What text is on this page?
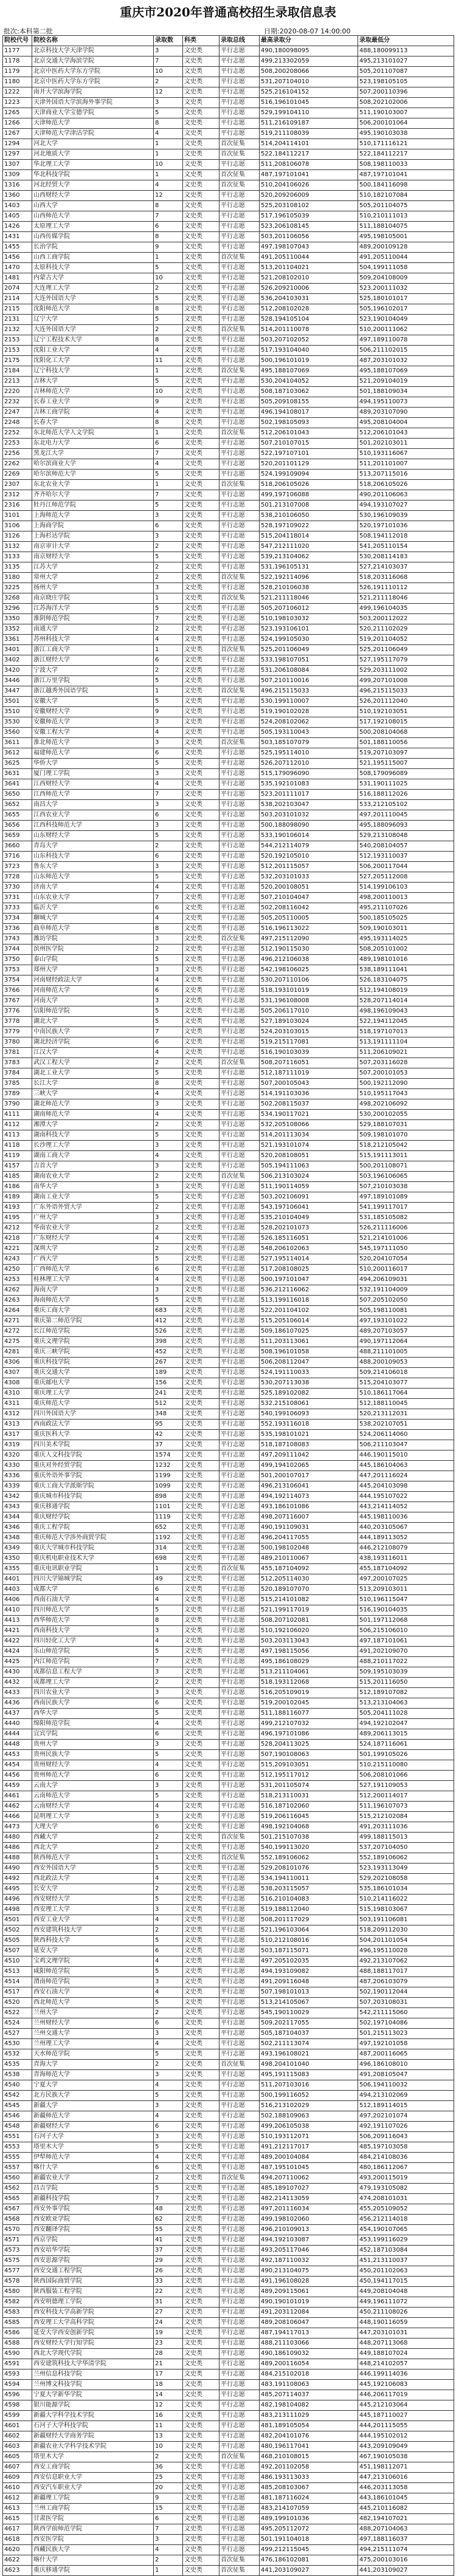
重庆市2020年普通高校招生录取信息表
批次:本科第二批	日期:2020-08-07 14:00:00
院校代号	院校名称	录取数	科类	录取总线	最高录取分	录取最低分
1177	北京科技大学天津学院	3	文史类	平行志愿	490,180098095	488,180099113
1178	北京交通大学海滨学院	7	文史类	平行志愿	499,213302059	495,213101027
1179	北京中医药大学东方学院	10	文史类	平行志愿	508,200208066	505,201107087
1180	北京中医药大学东方学院	2	文史类	平行志愿	531,207104010	523,198105105
1222	南开大学滨海学院	12	文史类	平行志愿	525,216104152	507,200110396
1223	天津外国语大学滨海外事学院	3	文史类	平行志愿	516,196101045	508,202102006
1265	天津商业大学宝德学院	5	文史类	平行志愿	529,199104110	511,190103007
1266	天津师范大学	8	文史类	平行志愿	511,216109187	506,200101064
1267	天津师范大学津沽学院	4	文史类	平行志愿	519,211108039	495,190103038
1294	河北大学	1	文史类	首次征集	514,204114101	510,171116121
1297	河北地质大学	1	文史类	首次征集	522,184112217	522,184112217
1307	华北理工大学	10	文史类	平行志愿	511,208106078	508,198110033
1309	华北科技学院	1	文史类	首次征集	487,197101041	487,197101041
1316	河北经贸大学	4	文史类	首次征集	510,204106026	500,184116098
1360	山西财经大学	12	文史类	平行志愿	520,209206009	510,182107084
1403	山西大学	8	文史类	平行志愿	525,203108102	505,201104075
1405	山西师范大学	7	文史类	平行志愿	517,196105039	510,210111013
1426	太原理工大学	6	文史类	平行志愿	523,206108145	511,188104075
1431	山西传媒学院	8	文史类	平行志愿	503,201106056	495,198105001
1455	长治学院	9	文史类	平行志愿	497,198107043	489,200109128
1456	山西工商学院	1	文史类	首次征集	491,205110044	491,205110044
1470	太原科技大学	5	文史类	平行志愿	513,201104021	504,199111058
1481	内蒙古大学	10	文史类	平行志愿	521,208102010	509,204108009
2074	大连理工大学	2	文史类	平行志愿	526,209210006	523,200111032
2114	大连外国语大学	5	文史类	平行志愿	536,204103031	525,180101017
2115	沈阳师范大学	8	文史类	平行志愿	512,208102028	505,196102017
2131	辽宁大学	5	文史类	平行志愿	528,194105104	523,190104049
2132	大连外国语大学	2	文史类	首次征集	514,201110078	510,200111062
2153	辽宁工程技术大学	8	文史类	平行志愿	503,207102052	497,189110078
2153	沈阳工业大学	4	文史类	平行志愿	517,193104040	506,211102015
2175	沈阳化工大学	11	文史类	平行志愿	500,196101019	487,203101032
2184	辽宁科技大学	1	文史类	首次征集	495,188107069	495,188107069
2213	吉林大学	5	文史类	平行志愿	530,204104052	521,209104019
2220	吉林师范大学	10	文史类	平行志愿	508,187103062	501,188109034
2232	长春工业大学	9	文史类	平行志愿	505,209108155	494,195110073
2247	吉林工商学院	4	文史类	平行志愿	496,194108017	489,203107090
2248	长春大学	8	文史类	平行志愿	502,198105093	495,208104004
2252	东北师范大学人文学院	1	文史类	首次征集	512,206101043	512,206101043
2253	东北电力大学	6	文史类	平行志愿	507,210107015	501,202103011
2256	黑龙江大学	7	文史类	平行志愿	522,197107101	510,193116067
2262	哈尔滨商业大学	4	文史类	平行志愿	520,201101129	511,201101007
2269	哈尔滨师范大学	5	文史类	平行志愿	524,199109094	513,207115016
2307	东北农业大学	1	文史类	首次征集	518,206105026	518,206105026
2312	齐齐哈尔大学	7	文史类	平行志愿	499,197106088	490,201106063
2316	牡丹江师范学院	5	文史类	平行志愿	501,213107008	494,193107027
3101	上海师范大学	3	文史类	平行志愿	538,210106050	530,196109039
3106	上海商学院	6	文史类	平行志愿	528,197109022	520,197101036
3126	上海杉达学院	3	文史类	平行志愿	515,204118014	508,194112018
3132	南京审计大学	2	文史类	平行志愿	547,212111020	541,205110154
3133	南京财经大学	5	文史类	平行志愿	539,213104062	530,208114183
3135	江苏大学	2	文史类	平行志愿	531,196105131	527,214103037
3180	常州大学	2	文史类	首次征集	522,192114096	518,203116068
3225	扬州大学	3	文史类	平行志愿	528,210106038	526,191110112
3268	南京晓庄学院	1	文史类	首次征集	521,211118046	521,211118046
3296	江苏海洋大学	5	文史类	平行志愿	505,207106012	499,196104035
3350	淮阴师范学院	7	文史类	平行志愿	510,198103032	503,200112022
3352	南通大学	2	文史类	平行志愿	523,193106101	520,211102029
3361	苏州科技大学	4	文史类	平行志愿	524,199105030	519,201104052
3401	浙江工商大学	1	文史类	首次征集	525,201106049	525,201106049
3402	浙江财经大学	6	文史类	平行志愿	533,198107051	527,195117079
3420	宁波大学	2	文史类	平行志愿	531,206108084	529,203111002
3446	浙江万里学院	5	文史类	平行志愿	507,210110016	499,207101008
3447	浙江越秀外国语学院	1	文史类	首次征集	496,215115033	496,215115033
3501	安徽大学	5	文史类	平行志愿	530,199110007	526,201112040
3510	安徽财经大学	9	文史类	平行志愿	519,190102028	510,192103051
3530	安徽师范大学	3	文史类	平行志愿	524,208102062	517,192108015
3560	安徽工程大学	4	文史类	平行志愿	505,193110043	500,208104068
3611	淮北师范大学	3	文史类	首次征集	503,185107079	501,188110056
3612	福建师范大学	6	文史类	平行志愿	525,195114010	519,207103097
3625	华侨大学	5	文史类	平行志愿	526,207112010	521,195115007
3631	厦门理工学院	3	文史类	平行志愿	515,179096090	508,179096089
3641	江西财经大学	4	文史类	平行志愿	535,192101083	531,190111025
3650	江西师范大学	7	文史类	平行志愿	523,201111017	516,188112026
3652	南昌大学	3	文史类	平行志愿	538,202103047	533,212105102
3655	江西农业大学	6	文史类	平行志愿	503,203101032	497,201110045
3656	江西科技师范大学	3	文史类	平行志愿	500,188098090	495,188096093
3659	山东财经大学	5	文史类	平行志愿	533,190106014	529,213108048
3660	青岛大学	2	文史类	平行志愿	544,212114079	540,208104057
3716	山东科技大学	6	文史类	平行志愿	520,192105010	512,193110037
3723	鲁东大学	3	文史类	平行志愿	512,201115057	506,200117044
3728	山东师范大学	5	文史类	平行志愿	532,203101033	527,205112008
3730	济南大学	4	文史类	平行志愿	520,200108051	514,199106103
3731	山东农业大学	7	文史类	平行志愿	507,210104047	498,200110013
3733	临沂大学	6	文史类	平行志愿	502,208116042	495,211107026
3734	聊城大学	4	文史类	平行志愿	505,205110005	500,185105025
3736	曲阜师范大学	8	文史类	平行志愿	516,196113022	509,190103011
3743	潍坊学院	3	文史类	首次征集	497,215112090	495,193114025
3744	滨州医学院	2	文史类	平行志愿	512,190115030	508,205101002
3750	泰山学院	5	文史类	平行志愿	496,212106038	489,198101016
3753	郑州大学	3	文史类	平行志愿	542,198106025	538,189111041
3754	河南财经政法大学	4	文史类	平行志愿	530,207110106	526,183104075
3766	河南师范大学	6	文史类	平行志愿	518,193101019	512,194108019
3767	河南大学	3	文史类	平行志愿	531,196108008	528,207114014
3776	信阳师范学院	5	文史类	平行志愿	505,206117010	498,196109043
3778	湖北大学	5	文史类	平行志愿	527,189103024	522,194112045
3779	中南民族大学	7	文史类	平行志愿	524,203103015	518,197107013
3780	湖北经济学院	6	文史类	平行志愿	519,215117081	513,191111104
3781	江汉大学	4	文史类	平行志愿	516,190103039	511,206109021
3783	武汉工程大学	2	文史类	首次征集	508,207116051	507,203116028
3784	湖北工业大学	5	文史类	平行志愿	512,187111019	507,200101053
3785	长江大学	8	文史类	平行志愿	507,200105043	500,192112090
3789	三峡大学	4	文史类	平行志愿	514,191103036	510,195117043
3790	湖北师范大学	3	文史类	平行志愿	502,208115037	498,202106092
4111	湖南师范大学	4	文史类	平行志愿	534,190117021	530,200102055
4112	湘潭大学	2	文史类	平行志愿	532,205108066	529,188107031
4113	湖南科技大学	5	文史类	平行志愿	514,201113034	509,198101070
4118	长沙理工大学	3	文史类	平行志愿	521,193101074	518,212105042
4119	湖南工商大学	4	文史类	平行志愿	520,208108051	515,191113011
4157	吉首大学	3	文史类	平行志愿	505,194111063	500,201108071
4185	湖南农业大学	2	文史类	首次征集	506,213103024	503,196106065
4186	南华大学	3	文史类	平行志愿	511,190114059	507,210103038
4189	湖南工业大学	5	文史类	平行志愿	503,202106091	497,189101089
4193	广东外语外贸大学	2	文史类	平行志愿	543,197106041	541,199117017
4195	广州大学	3	文史类	平行志愿	535,210104049	531,185105082
4212	华南农业大学	2	文史类	平行志愿	528,202101073	526,211116006
4218	广东财经大学	4	文史类	平行志愿	526,185116051	521,214101006
4221	深圳大学	2	文史类	平行志愿	548,206102063	545,197111050
4243	广西大学	5	文史类	平行志愿	527,195114014	520,204107054
4250	广西师范大学	6	文史类	平行志愿	517,208108025	510,200116017
4253	桂林理工大学	4	文史类	平行志愿	500,197101047	494,206109031
4262	海南大学	3	文史类	平行志愿	536,212116062	532,191104009
4263	海南师范大学	5	文史类	平行志愿	513,199116018	507,205102050
4264	重庆工商大学	683	文史类	平行志愿	522,201104102	505,198110081
4271	重庆第二师范学院	412	文史类	平行志愿	515,205106014	497,193101022
4272	长江师范学院	526	文史类	平行志愿	509,186107025	489,207103057
4275	重庆文理学院	398	文史类	平行志愿	511,203113061	490,197112064
4281	重庆三峡学院	452	文史类	平行志愿	508,196101058	488,211101005
4306	重庆科技学院	267	文史类	平行志愿	506,208112047	488,200109053
4307	重庆交通大学	189	文史类	平行志愿	524,191110033	509,214106018
4308	重庆邮电大学	156	文史类	平行志愿	530,207113038	515,204103077
4310	重庆理工大学	241	文史类	平行志愿	525,189102082	510,186117064
4311	重庆师范大学	512	文史类	平行志愿	532,215108061	512,188110045
4312	四川外国语大学	348	文史类	平行志愿	540,199106093	520,213112031
4313	西南政法大学	95	文史类	平行志愿	552,193116018	538,202107051
4317	重庆医科大学	42	文史类	平行志愿	535,198101021	524,206114060
4319	四川美术学院	37	文史类	平行志愿	518,187108083	506,211103047
4320	重庆人文科技学院	1574	文史类	平行志愿	497,209111042	446,190115010
4330	重庆对外经贸学院	1232	文史类	平行志愿	499,194102065	445,186104063
4336	重庆外语外事学院	1199	文史类	平行志愿	501,200107017	447,201116024
4339	重庆工商大学派斯学院	1099	文史类	平行志愿	496,213106041	445,204103098
4342	重庆城市科技学院	898	文史类	平行志愿	494,192114073	444,195107022
4343	重庆移通学院	1101	文史类	平行志愿	493,186101086	443,214114052
4344	重庆财经学院	1119	文史类	平行志愿	498,207116007	445,198110036
4346	重庆工程学院	652	文史类	平行志愿	490,191109031	440,203105067
4348	重庆师范大学涉外商贸学院	1192	文史类	平行志愿	496,204117055	444,189113052
4349	重庆大学城市科技学院	314	文史类	平行志愿	500,198102048	446,212108079
4350	重庆机电职业技术大学	698	文史类	平行志愿	489,210110067	438,193116011
4355	重庆电讯职业学院	1	文史类	首次征集	455,187104092	455,187104092
4401	四川大学锦城学院	49	文史类	平行志愿	512,205114030	497,200107025
4403	成都大学	6	文史类	平行志愿	520,189107070	513,209103011
4406	西南石油大学	4	文史类	平行志愿	515,214101082	510,196115047
4410	四川师范大学	5	文史类	平行志愿	521,199117019	516,190104035
4413	西华师范大学	8	文史类	平行志愿	508,207102081	501,197112068
4421	西南科技大学	3	文史类	平行志愿	510,192106020	506,215106010
4422	四川轻化工大学	4	文史类	平行志愿	503,203113043	497,187101061
4424	乐山师范学院	5	文史类	平行志愿	497,198115056	491,202109070
4425	内江师范学院	7	文史类	平行志愿	495,186108029	488,210117022
4430	成都信息工程大学	3	文史类	平行志愿	513,211104061	509,195103039
4432	成都理工大学	2	文史类	平行志愿	518,193112068	515,201116050
4433	四川农业大学	3	文史类	平行志愿	516,205109019	512,189107082
4436	西南民族大学	6	文史类	平行志愿	519,200102045	513,213104063
4437	西华大学	5	文史类	平行志愿	511,188116077	505,204111028
4440	绵阳师范学院	4	文史类	平行志愿	499,212107032	494,192102047
4444	宜宾学院	6	文史类	平行志愿	496,197101086	489,206113015
4448	贵州大学	3	文史类	平行志愿	528,204113025	524,187116061
4453	贵州民族大学	5	文史类	平行志愿	507,190108063	501,199105026
4454	贵州财经大学	4	文史类	平行志愿	515,209103051	510,215110080
4456	贵州师范大学	6	文史类	平行志愿	512,195117012	506,208101066
4459	云南大学	3	文史类	平行志愿	531,201105074	527,191109053
4461	云南师范大学	5	文史类	平行志愿	518,213110031	512,200114017
4462	云南财经大学	4	文史类	平行志愿	516,187102060	511,196107073
4466	昆明理工大学	3	文史类	平行志愿	519,206116045	515,212102084
4473	大理大学	6	文史类	平行志愿	498,192104068	491,203111036
4480	西藏大学	2	文史类	首次征集	501,215107038	499,188115013
4486	西北大学	2	文史类	平行志愿	540,199113020	537,207104050
4488	陕西师范大学	1	文史类	首次征集	552,189106062	552,189106062
4490	西安外国语大学	5	文史类	平行志愿	529,208101076	523,193113049
4492	西北政法大学	4	文史类	平行志愿	534,194110011	529,202108058
4495	长安大学	2	文史类	平行志愿	538,203115057	535,186101034
4496	西安财经大学	5	文史类	平行志愿	516,210104083	510,214116022
4498	西安理工大学	3	文史类	平行志愿	519,188112040	515,198103067
4501	西安工业大学	4	文史类	平行志愿	508,201117029	503,191106081
4502	西安建筑科技大学	2	文史类	平行志愿	521,196103064	518,209112030
4505	陕西科技大学	5	文史类	平行志愿	510,212108016	504,201101054
4507	延安大学	6	文史类	平行志愿	503,187115071	496,195110028
4510	宝鸡文理学院	4	文史类	平行志愿	497,205102035	492,213107062
4513	咸阳师范学院	5	文史类	平行志愿	494,193109082	488,188117017
4514	渭南师范学院	3	文史类	平行志愿	491,209116048	487,206103079
4517	西安石油大学	4	文史类	平行志愿	507,198101013	502,190112044
4520	西北师范大学	5	文史类	平行志愿	513,214105067	507,203108031
4522	兰州大学	2	文史类	平行志愿	545,190110029	542,211115060
4524	兰州财经大学	6	文史类	平行志愿	509,202117055	502,197104086
4527	兰州交通大学	3	文史类	平行志愿	505,187104037	501,215113023
4530	兰州理工大学	4	文史类	平行志愿	502,211113074	497,192101058
4532	天水师范学院	5	文史类	平行志愿	493,196108021	487,200116065
4535	青海大学	2	文史类	首次征集	498,204101040	496,186108010
4538	青海师范大学	3	文史类	平行志愿	495,191115083	491,208105047
4540	宁夏大学	4	文史类	平行志愿	511,207103016	506,194110032
4542	北方民族大学	5	文史类	平行志愿	500,199116052	494,213102069
4545	新疆大学	3	文史类	平行志愿	516,213102029	512,189114015
4546	新疆师范大学	4	文史类	平行志愿	502,188109063	497,202101074
4548	新疆财经大学	6	文史类	平行志愿	499,206105038	492,191107026
4551	石河子大学	3	文史类	平行志愿	510,193112071	506,209116043
4553	塔里木大学	5	文史类	平行志愿	491,212117017	485,197103058
4555	伊犁师范大学	4	文史类	平行志愿	489,200104084	484,214108036
4557	喀什大学	6	文史类	平行志愿	487,195101045	480,186112067
4560	新疆农业大学	2	文史类	首次征集	494,207110062	493,200115019
4562	昌吉学院	5	文史类	平行志愿	485,189107027	479,193105082
4565	新疆科技学院	7	文史类	平行志愿	482,214113059	474,208101031
4567	西安外事学院	48	文史类	平行志愿	497,201116034	455,205109052
4568	西安欧亚学院	62	文史类	平行志愿	499,198102060	456,212114018
4570	西安翻译学院	55	文史类	平行志愿	496,210109013	454,190107065
4571	西京学院	41	文史类	平行志愿	494,192103087	453,199116029
4573	西安培华学院	37	文史类	平行志愿	493,205117046	452,187103084
4575	西安思源学院	29	文史类	平行志愿	492,187110032	451,213110037
4577	西安交通工程学院	26	文史类	平行志愿	490,213104075	450,201102063
4578	陕西国际商贸学院	33	文史类	平行志愿	491,196108028	450,194117015
4580	陕西服装工程学院	22	文史类	平行志愿	489,209115061	449,208104048
4582	西安明德理工学院	31	文史类	平行志愿	490,190101019	449,196111072
4583	西安科技大学高新学院	27	文史类	平行志愿	491,203112084	450,211108026
4585	西安理工大学高科学院	24	文史类	平行志愿	489,208106047	448,190116059
4586	延安大学西安创新学院	19	文史类	平行志愿	487,194117013	447,203101031
4588	西安财经大学行知学院	23	文史类	平行志愿	488,211103066	448,207113068
4590	西北大学现代学院	28	文史类	平行志愿	490,186109032	449,188107024
4591	西安建筑科技大学华清学院	21	文史类	平行志愿	489,200116054	448,214102057
4593	兰州信息科技学院	17	文史类	平行志愿	484,215102018	446,199114036
4594	兰州博文科技学院	18	文史类	平行志愿	483,191108063	445,192106083
4596	宁夏大学新华学院	14	文史类	平行志愿	485,207114037	446,206117019
4598	银川能源学院	12	文史类	平行志愿	482,198104082	445,212103064
4599	新疆大学科学技术学院	16	文史类	平行志愿	483,213111029	445,187110027
4601	石河子大学科技学院	11	文史类	平行志愿	481,189105054	444,201115055
4602	新疆财经大学商务学院	13	文史类	平行志愿	482,204101076	444,195102012
4603	新疆农业大学科学技术学院	10	文史类	平行志愿	480,196117041	443,209109049
4605	塔里木大学	2	文史类	首次征集	468,210108015	467,190105038
4607	西安工商学院	36	文史类	平行志愿	492,201102058	451,198112071
4609	西安信息职业大学	25	文史类	平行志愿	486,193113033	447,213106016
4610	西安汽车职业大学	20	文史类	平行志愿	485,208103067	446,203113058
4612	新疆理工学院	9	文史类	平行志愿	481,187116024	443,186101045
4613	兰州工商学院	15	文史类	平行志愿	483,214107059	445,210116082
4615	甘肃医学院	6	文史类	平行志愿	489,199101036	482,194107021
4617	陕西学前师范学院	7	文史类	平行志愿	495,205112072	488,207104063
4618	西安医学院	3	文史类	平行志愿	501,191104018	497,188116037
4620	西藏民族大学	4	文史类	平行志愿	499,212115045	494,215111074
4622	喀什大学	2	文史类	首次征集	476,186102081	475,200103016
4623	重庆移通学院	1	文史类	首次征集	441,203109027	441,203109027
